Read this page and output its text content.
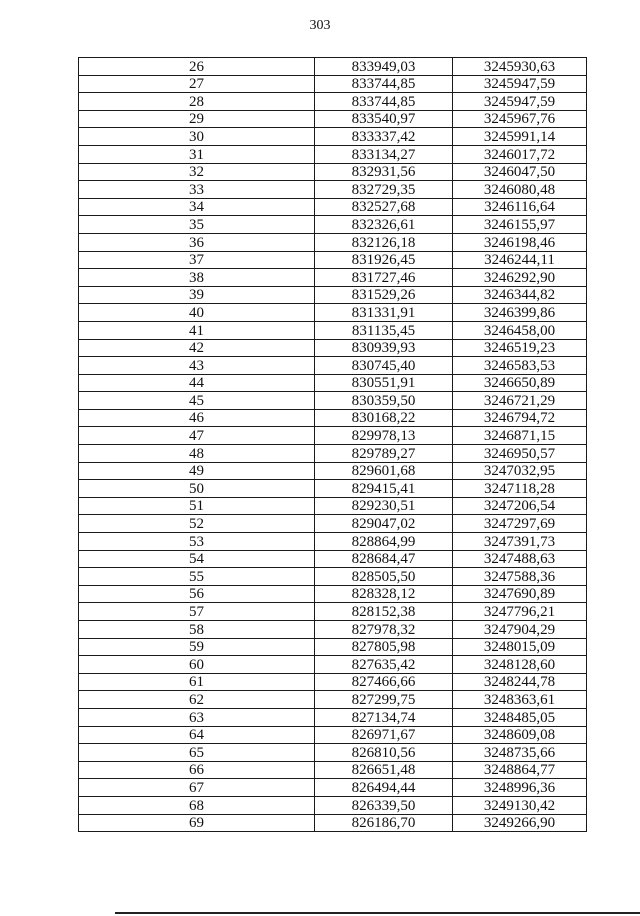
303
26	833949,03	3245930,63
27	833744,85	3245947,59
28	833744,85	3245947,59
29	833540,97	3245967,76
30	833337,42	3245991,14
31	833134,27	3246017,72
32	832931,56	3246047,50
33	832729,35	3246080,48
34	832527,68	3246116,64
35	832326,61	3246155,97
36	832126,18	3246198,46
37	831926,45	3246244,11
38	831727,46	3246292,90
39	831529,26	3246344,82
40	831331,91	3246399,86
41	831135,45	3246458,00
42	830939,93	3246519,23
43	830745,40	3246583,53
44	830551,91	3246650,89
45	830359,50	3246721,29
46	830168,22	3246794,72
47	829978,13	3246871,15
48	829789,27	3246950,57
49	829601,68	3247032,95
50	829415,41	3247118,28
51	829230,51	3247206,54
52	829047,02	3247297,69
53	828864,99	3247391,73
54	828684,47	3247488,63
55	828505,50	3247588,36
56	828328,12	3247690,89
57	828152,38	3247796,21
58	827978,32	3247904,29
59	827805,98	3248015,09
60	827635,42	3248128,60
61	827466,66	3248244,78
62	827299,75	3248363,61
63	827134,74	3248485,05
64	826971,67	3248609,08
65	826810,56	3248735,66
66	826651,48	3248864,77
67	826494,44	3248996,36
68	826339,50	3249130,42
69	826186,70	3249266,90
